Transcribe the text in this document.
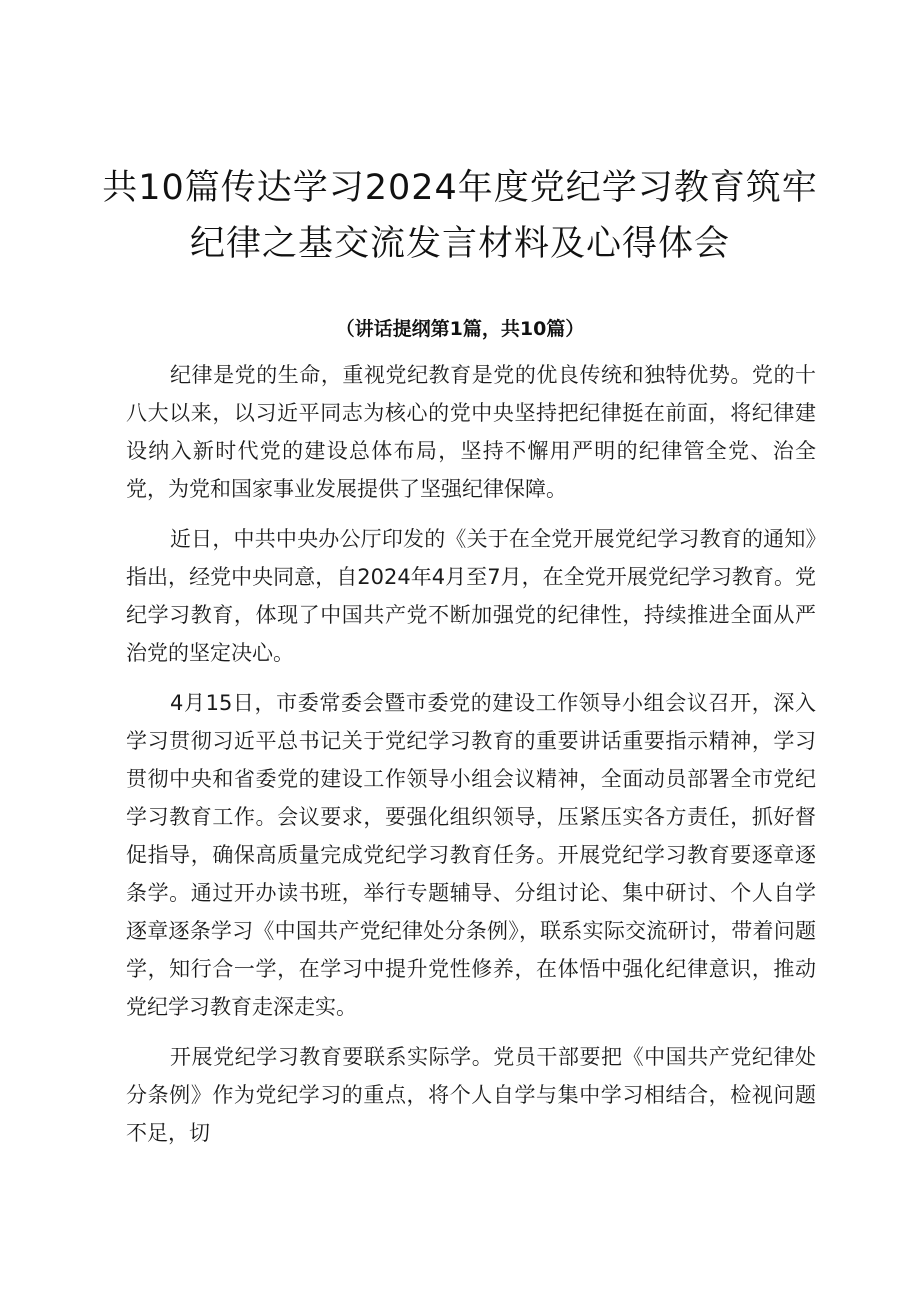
共10篇传达学习2024年度党纪学习教育筑牢
纪律之基交流发言材料及心得体会
（讲话提纲第1篇，共10篇）

纪律是党的生命，重视党纪教育是党的优良传统和独特优势。党的十八大以来，以习近平同志为核心的党中央坚持把纪律挺在前面，将纪律建设纳入新时代党的建设总体布局，坚持不懈用严明的纪律管全党、治全党，为党和国家事业发展提供了坚强纪律保障。

近日，中共中央办公厅印发的《关于在全党开展党纪学习教育的通知》指出，经党中央同意，自2024年4月至7月，在全党开展党纪学习教育。党纪学习教育，体现了中国共产党不断加强党的纪律性，持续推进全面从严治党的坚定决心。

4月15日，市委常委会暨市委党的建设工作领导小组会议召开，深入学习贯彻习近平总书记关于党纪学习教育的重要讲话重要指示精神，学习贯彻中央和省委党的建设工作领导小组会议精神，全面动员部署全市党纪学习教育工作。会议要求，要强化组织领导，压紧压实各方责任，抓好督促指导，确保高质量完成党纪学习教育任务。开展党纪学习教育要逐章逐条学。通过开办读书班，举行专题辅导、分组讨论、集中研讨、个人自学逐章逐条学习《中国共产党纪律处分条例》，联系实际交流研讨，带着问题学，知行合一学，在学习中提升党性修养，在体悟中强化纪律意识，推动党纪学习教育走深走实。

开展党纪学习教育要联系实际学。党员干部要把《中国共产党纪律处分条例》作为党纪学习的重点，将个人自学与集中学习相结合，检视问题不足，切
